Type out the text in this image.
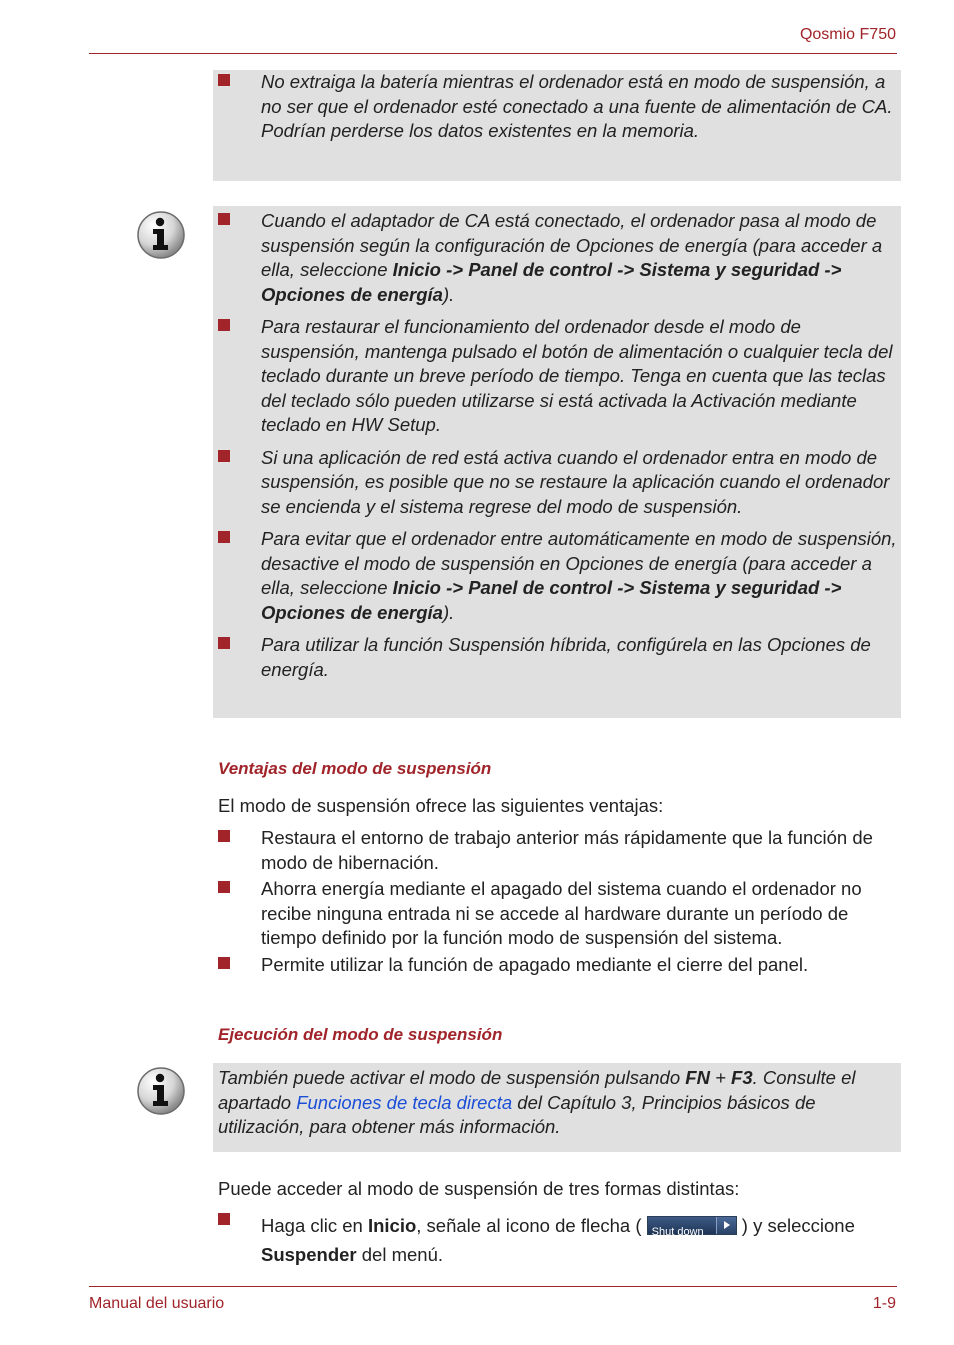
Qosmio F750
No extraiga la batería mientras el ordenador está en modo de suspensión, a no ser que el ordenador esté conectado a una fuente de alimentación de CA. Podrían perderse los datos existentes en la memoria.
Cuando el adaptador de CA está conectado, el ordenador pasa al modo de suspensión según la configuración de Opciones de energía (para acceder a ella, seleccione Inicio -> Panel de control -> Sistema y seguridad -> Opciones de energía).
Para restaurar el funcionamiento del ordenador desde el modo de suspensión, mantenga pulsado el botón de alimentación o cualquier tecla del teclado durante un breve período de tiempo. Tenga en cuenta que las teclas del teclado sólo pueden utilizarse si está activada la Activación mediante teclado en HW Setup.
Si una aplicación de red está activa cuando el ordenador entra en modo de suspensión, es posible que no se restaure la aplicación cuando el ordenador se encienda y el sistema regrese del modo de suspensión.
Para evitar que el ordenador entre automáticamente en modo de suspensión, desactive el modo de suspensión en Opciones de energía (para acceder a ella, seleccione Inicio -> Panel de control -> Sistema y seguridad -> Opciones de energía).
Para utilizar la función Suspensión híbrida, configúrela en las Opciones de energía.
Ventajas del modo de suspensión
El modo de suspensión ofrece las siguientes ventajas:
Restaura el entorno de trabajo anterior más rápidamente que la función de modo de hibernación.
Ahorra energía mediante el apagado del sistema cuando el ordenador no recibe ninguna entrada ni se accede al hardware durante un período de tiempo definido por la función modo de suspensión del sistema.
Permite utilizar la función de apagado mediante el cierre del panel.
Ejecución del modo de suspensión
También puede activar el modo de suspensión pulsando FN + F3. Consulte el apartado Funciones de tecla directa del Capítulo 3, Principios básicos de utilización, para obtener más información.
Puede acceder al modo de suspensión de tres formas distintas:
Haga clic en Inicio, señale al icono de flecha ( Shut down ) y seleccione Suspender del menú.
Manual del usuario	1-9
